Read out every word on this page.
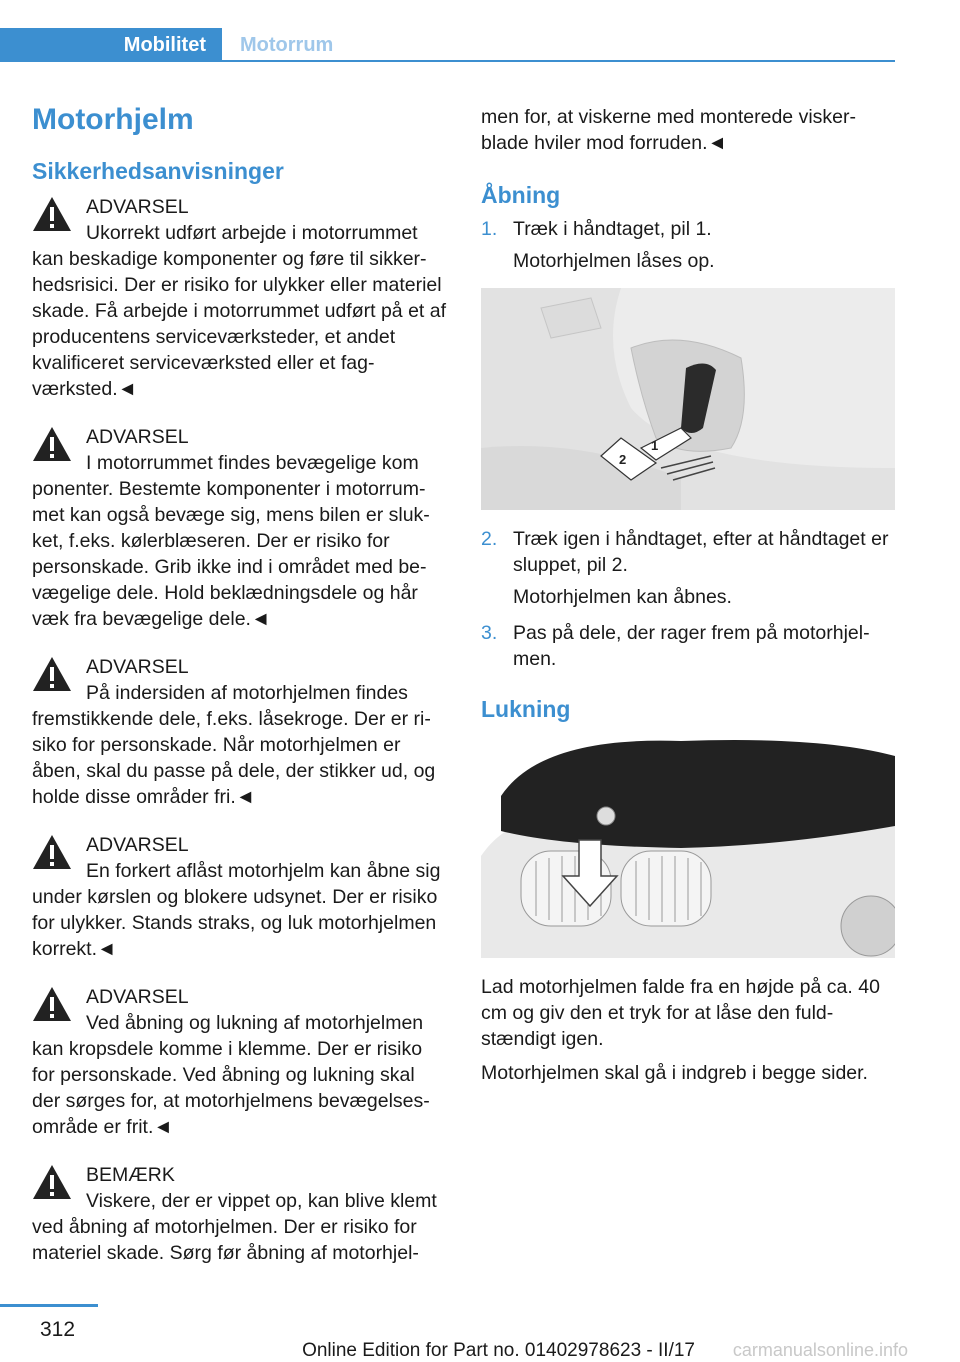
Mobilitet	Motorrum
Motorhjelm
Sikkerhedsanvisninger
ADVARSEL
Ukorrekt udført arbejde i motorrummet
kan beskadige komponenter og føre til sikkerhedsrisici. Der er risiko for ulykker eller materiel skade. Få arbejde i motorrummet udført på et af producentens serviceværksteder, et andet kvalificeret serviceværksted eller et fagværksted.◄
ADVARSEL
I motorrummet findes bevægelige kom
ponenter. Bestemte komponenter i motorrummet kan også bevæge sig, mens bilen er slukket, f.eks. kølerblæseren. Der er risiko for personskade. Grib ikke ind i området med bevægelige dele. Hold beklædningsdele og hår væk fra bevægelige dele.◄
ADVARSEL
På indersiden af motorhjelmen findes
fremstikkende dele, f.eks. låsekroge. Der er risiko for personskade. Når motorhjelmen er åben, skal du passe på dele, der stikker ud, og holde disse områder fri.◄
ADVARSEL
En forkert aflåst motorhjelm kan åbne sig
under kørslen og blokere udsynet. Der er risiko for ulykker. Stands straks, og luk motorhjelmen korrekt.◄
ADVARSEL
Ved åbning og lukning af motorhjelmen
kan kropsdele komme i klemme. Der er risiko for personskade. Ved åbning og lukning skal der sørges for, at motorhjelmens bevægelsesområde er frit.◄
BEMÆRK
Viskere, der er vippet op, kan blive klemt
ved åbning af motorhjelmen. Der er risiko for materiel skade. Sørg før åbning af motorhjel-

men for, at viskerne med monterede viskerblade hviler mod forruden.◄

Åbning
1. Træk i håndtaget, pil 1.
Motorhjelmen låses op.
1
2
2. Træk igen i håndtaget, efter at håndtaget er sluppet, pil 2.
Motorhjelmen kan åbnes.
3. Pas på dele, der rager frem på motorhjelmen.
Lukning

Lad motorhjelmen falde fra en højde på ca. 40 cm og giv den et tryk for at låse den fuldstændigt igen.

Motorhjelmen skal gå i indgreb i begge sider.

312
Online Edition for Part no. 01402978623 - II/17 carmanualsonline.info
